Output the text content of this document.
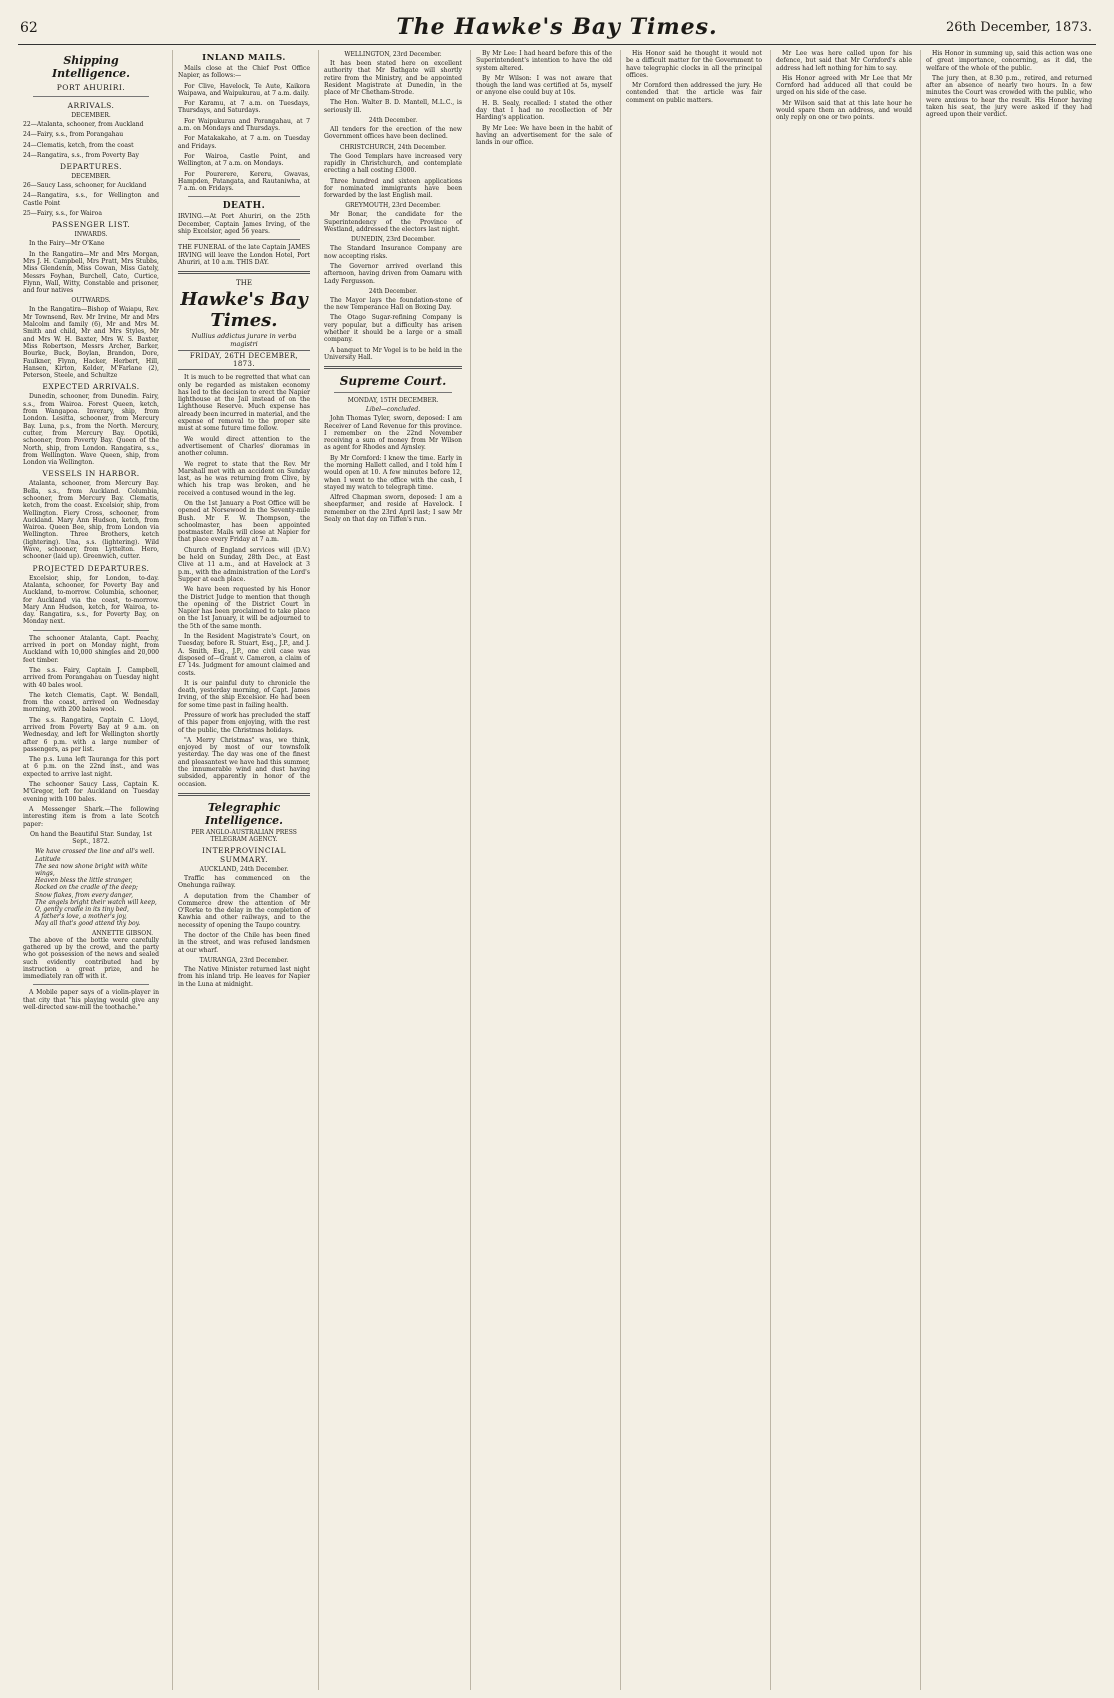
62	The Hawke's Bay Times.	26th December, 1873.
Shipping Intelligence.
PORT AHURIRI.
ARRIVALS.
DECEMBER.

22—Atalanta, schooner, from Auckland

24—Fairy, s.s., from Porangahau

24—Clematis, ketch, from the coast

24—Rangatira, s.s., from Poverty Bay

DEPARTURES.
DECEMBER.

26—Saucy Lass, schooner, for Auckland

24—Rangatira, s.s., for Wellington and Castle Point

25—Fairy, s.s., for Wairoa

PASSENGER LIST.
INWARDS.

In the Fairy—Mr O'Kane

In the Rangatira—Mr and Mrs Morgan, Mrs J. H. Campbell, Mrs Pratt, Mrs Stubbs, Miss Glendenin, Miss Cowan, Miss Gately, Messrs Foyhan, Burchell, Cato, Curtice, Flynn, Wall, Witty, Constable and prisoner, and four natives

OUTWARDS.

In the Rangatira—Bishop of Waiapu, Rev. Mr Townsend, Rev. Mr Irvine, Mr and Mrs Malcolm and family (6), Mr and Mrs M. Smith and child, Mr and Mrs Styles, Mr and Mrs W. H. Baxter, Mrs W. S. Baxter, Miss Robertson, Messrs Archer, Barker, Bourke, Buck, Boylan, Brandon, Dore, Faulkner, Flynn, Hacker, Herbert, Hill, Hansen, Kirton, Kelder, M'Farlane (2), Peterson, Steele, and Schultze

EXPECTED ARRIVALS.

Dunedin, schooner, from Dunedin. Fairy, s.s., from Wairoa. Forest Queen, ketch, from Wangapoa. Inverary, ship, from London. Lesitta, schooner, from Mercury Bay. Luna, p.s., from the North. Mercury, cutter, from Mercury Bay. Opotiki, schooner, from Poverty Bay. Queen of the North, ship, from London. Rangatira, s.s., from Wellington. Wave Queen, ship, from London via Wellington.

VESSELS IN HARBOR.

Atalanta, schooner, from Mercury Bay. Bella, s.s., from Auckland. Columbia, schooner, from Mercury Bay. Clematis, ketch, from the coast. Excelsior, ship, from Wellington. Fiery Cross, schooner, from Auckland. Mary Ann Hudson, ketch, from Wairoa. Queen Bee, ship, from London via Wellington. Three Brothers, ketch (lightering). Una, s.s. (lightering). Wild Wave, schooner, from Lyttelton. Hero, schooner (laid up). Greenwich, cutter.

PROJECTED DEPARTURES.

Excelsior, ship, for London, to-day. Atalanta, schooner, for Poverty Bay and Auckland, to-morrow. Columbia, schooner, for Auckland via the coast, to-morrow. Mary Ann Hudson, ketch, for Wairoa, to-day. Rangatira, s.s., for Poverty Bay, on Monday next.

The schooner Atalanta, Capt. Peachy, arrived in port on Monday night, from Auckland with 10,000 shingles and 20,000 feet timber.

The s.s. Fairy, Captain J. Campbell, arrived from Porangahau on Tuesday night with 40 bales wool.

The ketch Clematis, Capt. W. Bendall, from the coast, arrived on Wednesday morning, with 200 bales wool.

The s.s. Rangatira, Captain C. Lloyd, arrived from Poverty Bay at 9 a.m. on Wednesday, and left for Wellington shortly after 6 p.m. with a large number of passengers, as per list.

The p.s. Luna left Tauranga for this port at 6 p.m. on the 22nd inst., and was expected to arrive last night.

The schooner Saucy Lass, Captain K. M'Gregor, left for Auckland on Tuesday evening with 100 bales.

A Messenger Shark.—The following interesting item is from a late Scotch paper:

On hand the Beautiful Star. Sunday, 1st Sept., 1872.

We have crossed the line and all's well. Latitude
The sea now shone bright with white wings,
Heaven bless the little stranger,
Rocked on the cradle of the deep;
Snow flakes, from every danger,
The angels bright their watch will keep,
O, gently cradle in its tiny bed,
A father's love, a mother's joy,
May all that's good attend thy boy.
ANNETTE GIBSON.

The above of the bottle were carefully gathered up by the crowd, and the party who got possession of the news and sealed such evidently contributed had by instruction a great prize, and he immediately ran off with it.

A Mobile paper says of a violin-player in that city that "his playing would give any well-directed saw-mill the toothache."

INLAND MAILS.

Mails close at the Chief Post Office Napier, as follows:—

For Clive, Havelock, Te Aute, Kaikora Waipawa, and Waipukurau, at 7 a.m. daily.

For Karamu, at 7 a.m. on Tuesdays, Thursdays, and Saturdays.

For Waipukurau and Porangahau, at 7 a.m. on Mondays and Thursdays.

For Matakakaho, at 7 a.m. on Tuesday and Fridays.

For Wairoa, Castle Point, and Wellington, at 7 a.m. on Mondays.

For Pourerere, Kereru, Gwavas, Hampden, Patangata, and Rautaniwha, at 7 a.m. on Fridays.

DEATH.

IRVING.—At Port Ahuriri, on the 25th December, Captain James Irving, of the ship Excelsior, aged 56 years.

THE FUNERAL of the late Captain JAMES IRVING will leave the London Hotel, Port Ahuriri, at 10 a.m. THIS DAY.

THE
Hawke's Bay Times.
Nullius addictus jurare in verba magistri
FRIDAY, 26TH DECEMBER, 1873.

It is much to be regretted that what can only be regarded as mistaken economy has led to the decision to erect the Napier lighthouse at the Jail instead of on the Lighthouse Reserve. Much expense has already been incurred in material, and the expense of removal to the proper site must at some future time follow.

We would direct attention to the advertisement of Charles' dioramas in another column.

We regret to state that the Rev. Mr Marshall met with an accident on Sunday last, as he was returning from Clive, by which his trap was broken, and he received a contused wound in the leg.

On the 1st January a Post Office will be opened at Norsewood in the Seventy-mile Bush. Mr F. W. Thompson, the schoolmaster, has been appointed postmaster. Mails will close at Napier for that place every Friday at 7 a.m.

Church of England services will (D.V.) be held on Sunday, 28th Dec., at East Clive at 11 a.m., and at Havelock at 3 p.m., with the administration of the Lord's Supper at each place.

We have been requested by his Honor the District Judge to mention that though the opening of the District Court in Napier has been proclaimed to take place on the 1st January, it will be adjourned to the 5th of the same month.

In the Resident Magistrate's Court, on Tuesday, before R. Stuart, Esq., J.P., and J. A. Smith, Esq., J.P., one civil case was disposed of—Grant v. Cameron, a claim of £7 14s. Judgment for amount claimed and costs.

It is our painful duty to chronicle the death, yesterday morning, of Capt. James Irving, of the ship Excelsior. He had been for some time past in failing health.

Pressure of work has precluded the staff of this paper from enjoying, with the rest of the public, the Christmas holidays.

"A Merry Christmas" was, we think, enjoyed by most of our townsfolk yesterday. The day was one of the finest and pleasantest we have had this summer, the innumerable wind and dust having subsided, apparently in honor of the occasion.

Telegraphic Intelligence.
PER ANGLO-AUSTRALIAN PRESS TELEGRAM AGENCY.
INTERPROVINCIAL SUMMARY.
AUCKLAND, 24th December.

Traffic has commenced on the Onehunga railway.

A deputation from the Chamber of Commerce drew the attention of Mr O'Rorke to the delay in the completion of Kawhia and other railways, and to the necessity of opening the Taupo country.

The doctor of the Chile has been fined in the street, and was refused landsmen at our wharf.

TAURANGA, 23rd December.

The Native Minister returned last night from his inland trip. He leaves for Napier in the Luna at midnight.

WELLINGTON, 23rd December.

It has been stated here on excellent authority that Mr Bathgate will shortly retire from the Ministry, and be appointed Resident Magistrate at Dunedin, in the place of Mr Chetham-Strode.

The Hon. Walter B. D. Mantell, M.L.C., is seriously ill.

24th December.

All tenders for the erection of the new Government offices have been declined.

CHRISTCHURCH, 24th December.

The Good Templars have increased very rapidly in Christchurch, and contemplate erecting a hall costing £3000.

Three hundred and sixteen applications for nominated immigrants have been forwarded by the last English mail.

GREYMOUTH, 23rd December.

Mr Bonar, the candidate for the Superintendency of the Province of Westland, addressed the electors last night.

DUNEDIN, 23rd December.

The Standard Insurance Company are now accepting risks.

The Governor arrived overland this afternoon, having driven from Oamaru with Lady Fergusson.

24th December.

The Mayor lays the foundation-stone of the new Temperance Hall on Boxing Day.

The Otago Sugar-refining Company is very popular, but a difficulty has arisen whether it should be a large or a small company.

A banquet to Mr Vogel is to be held in the University Hall.

Supreme Court.
MONDAY, 15TH DECEMBER.
Libel—concluded.

John Thomas Tyler, sworn, deposed: I am Receiver of Land Revenue for this province. I remember on the 22nd November receiving a sum of money from Mr Wilson as agent for Rhodes and Aynsley.

By Mr Cornford: I knew the time. Early in the morning Hallett called, and I told him I would open at 10. A few minutes before 12, when I went to the office with the cash, I stayed my watch to telegraph time.

Alfred Chapman sworn, deposed: I am a sheepfarmer, and reside at Havelock. I remember on the 23rd April last; I saw Mr Sealy on that day on Tiffen's run.

By Mr Lee: I had heard before this of the Superintendent's intention to have the old system altered.

By Mr Wilson: I was not aware that though the land was certified at 5s, myself or anyone else could buy at 10s.

H. B. Sealy, recalled: I stated the other day that I had no recollection of Mr Harding's application.

By Mr Lee: We have been in the habit of having an advertisement for the sale of lands in our office.

His Honor said he thought it would not be a difficult matter for the Government to have telegraphic clocks in all the principal offices.

Mr Cornford then addressed the jury. He contended that the article was fair comment on public matters.

Mr Lee was here called upon for his defence, but said that Mr Cornford's able address had left nothing for him to say.

His Honor agreed with Mr Lee that Mr Cornford had adduced all that could be urged on his side of the case.

Mr Wilson said that at this late hour he would spare them an address, and would only reply on one or two points.

His Honor in summing up, said this action was one of great importance, concerning, as it did, the welfare of the whole of the public.

The jury then, at 8.30 p.m., retired, and returned after an absence of nearly two hours. In a few minutes the Court was crowded with the public, who were anxious to hear the result. His Honor having taken his seat, the jury were asked if they had agreed upon their verdict.
